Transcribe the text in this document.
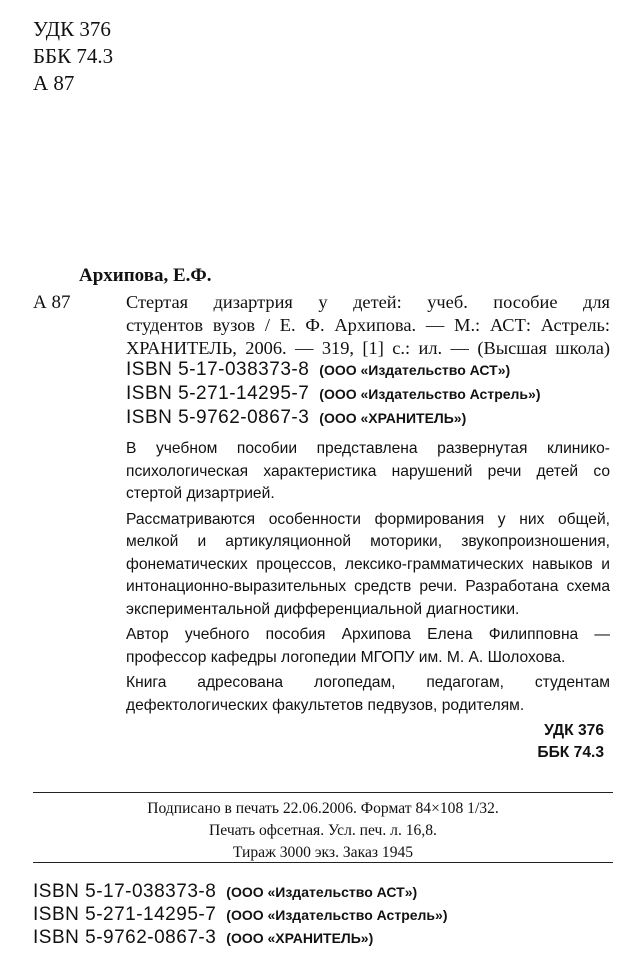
УДК 376
ББК 74.3
А 87
Архипова, Е.Ф.
А 87	Стертая дизартрия у детей: учеб. пособие для
студентов вузов / Е. Ф. Архипова. — М.: АСТ: Астрель:
ХРАНИТЕЛЬ, 2006. — 319, [1] с.: ил. — (Высшая школа)
ISBN 5-17-038373-8 (ООО «Издательство АСТ»)
ISBN 5-271-14295-7 (ООО «Издательство Астрель»)
ISBN 5-9762-0867-3 (ООО «ХРАНИТЕЛЬ»)

В учебном пособии представлена развернутая клинико-психологическая характеристика нарушений речи детей со стертой дизартрией.

Рассматриваются особенности формирования у них общей, мелкой и артикуляционной моторики, звукопроизношения, фонематических процессов, лексико-грамматических навыков и интонационно-выразительных средств речи. Разработана схема экспериментальной дифференциальной диагностики.

Автор учебного пособия Архипова Елена Филипповна — профессор кафедры логопедии МГОПУ им. М. А. Шолохова.

Книга адресована логопедам, педагогам, студентам дефектологических факультетов педвузов, родителям.

УДК 376
ББК 74.3
Подписано в печать 22.06.2006. Формат 84×108 1/32.
Печать офсетная. Усл. печ. л. 16,8.
Тираж 3000 экз. Заказ 1945
ISBN 5-17-038373-8 (ООО «Издательство АСТ»)
ISBN 5-271-14295-7 (ООО «Издательство Астрель»)
ISBN 5-9762-0867-3 (ООО «ХРАНИТЕЛЬ»)
